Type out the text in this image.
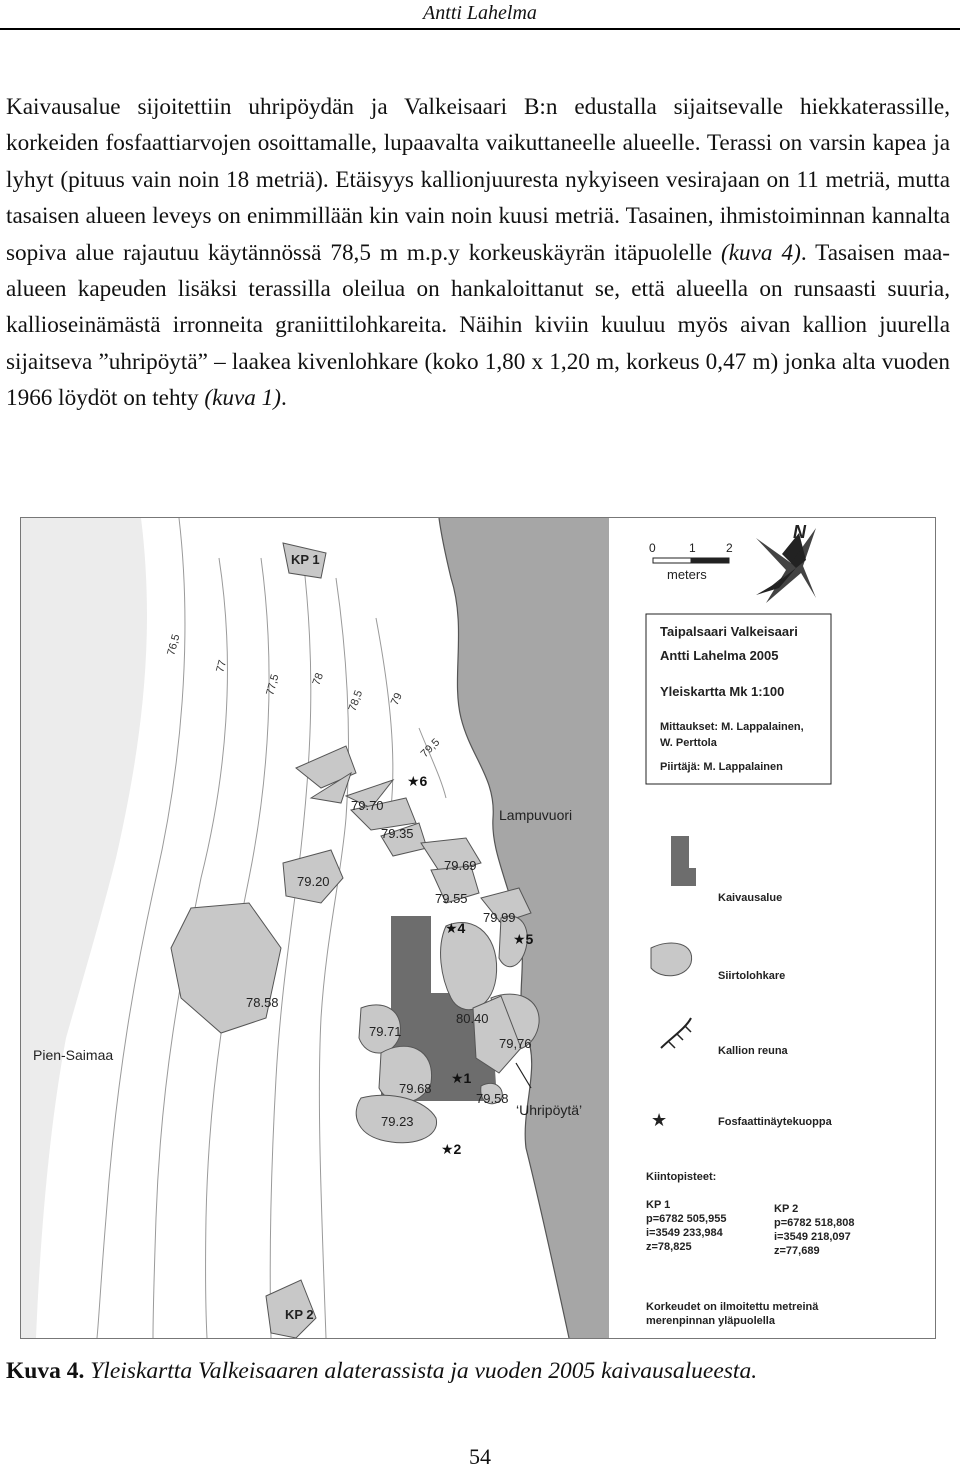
Antti Lahelma

Kaivausalue sijoitettiin uhripöydän ja Valkeisaari B:n edustalla sijaitsevalle hiekkaterassille, korkeiden fosfaattiarvojen osoittamalle, lupaavalta vaikuttaneelle alueelle. Terassi on varsin kapea ja lyhyt (pituus vain noin 18 metriä). Etäisyys kallionjuuresta nykyiseen vesirajaan on 11 metriä, mutta tasaisen alueen leveys on enimmillään kin vain noin kuusi metriä. Tasainen, ihmistoiminnan kannalta sopiva alue rajautuu käytännössä 78,5 m m.p.y korkeuskäyrän itäpuolelle (kuva 4). Tasaisen maa-alueen kapeuden lisäksi terassilla oleilua on hankaloittanut se, että alueella on runsaasti suuria, kallioseinämästä irronneita graniittilohkareita. Näihin kiviin kuuluu myös aivan kallion juurella sijaitseva ”uhripöytä” – laakea kivenlohkare (koko 1,80 x 1,20 m, korkeus 0,47 m) jonka alta vuoden 1966 löydöt on tehty (kuva 1).

76,5
77
77,5	78
78,5 79
79,5
KP 1
KP 2
79.70
79.35
79.69
79.20
79.55
79.99
78.58
80.40
79.71
79,76
79.68
79.58
79.23
★6
★4
★5
★1
★2
Lampuvuori
Pien-Saimaa
‘Uhripöytä’
0	1	2
meters
N
Taipalsaari Valkeisaari
Antti Lahelma 2005
Yleiskartta Mk 1:100
Mittaukset: M. Lappalainen,
W. Perttola
Piirtäjä: M. Lappalainen
Kaivausalue
Siirtolohkare
Kallion reuna
★	Fosfaattinäytekuoppa
Kiintopisteet:
KP 1
p=6782 505,955
i=3549 233,984
z=78,825
KP 2
p=6782 518,808
i=3549 218,097
z=77,689
Korkeudet on ilmoitettu metreinä
merenpinnan yläpuolella
Kuva 4. Yleiskartta Valkeisaaren alaterassista ja vuoden 2005 kaivausalueesta.
54
